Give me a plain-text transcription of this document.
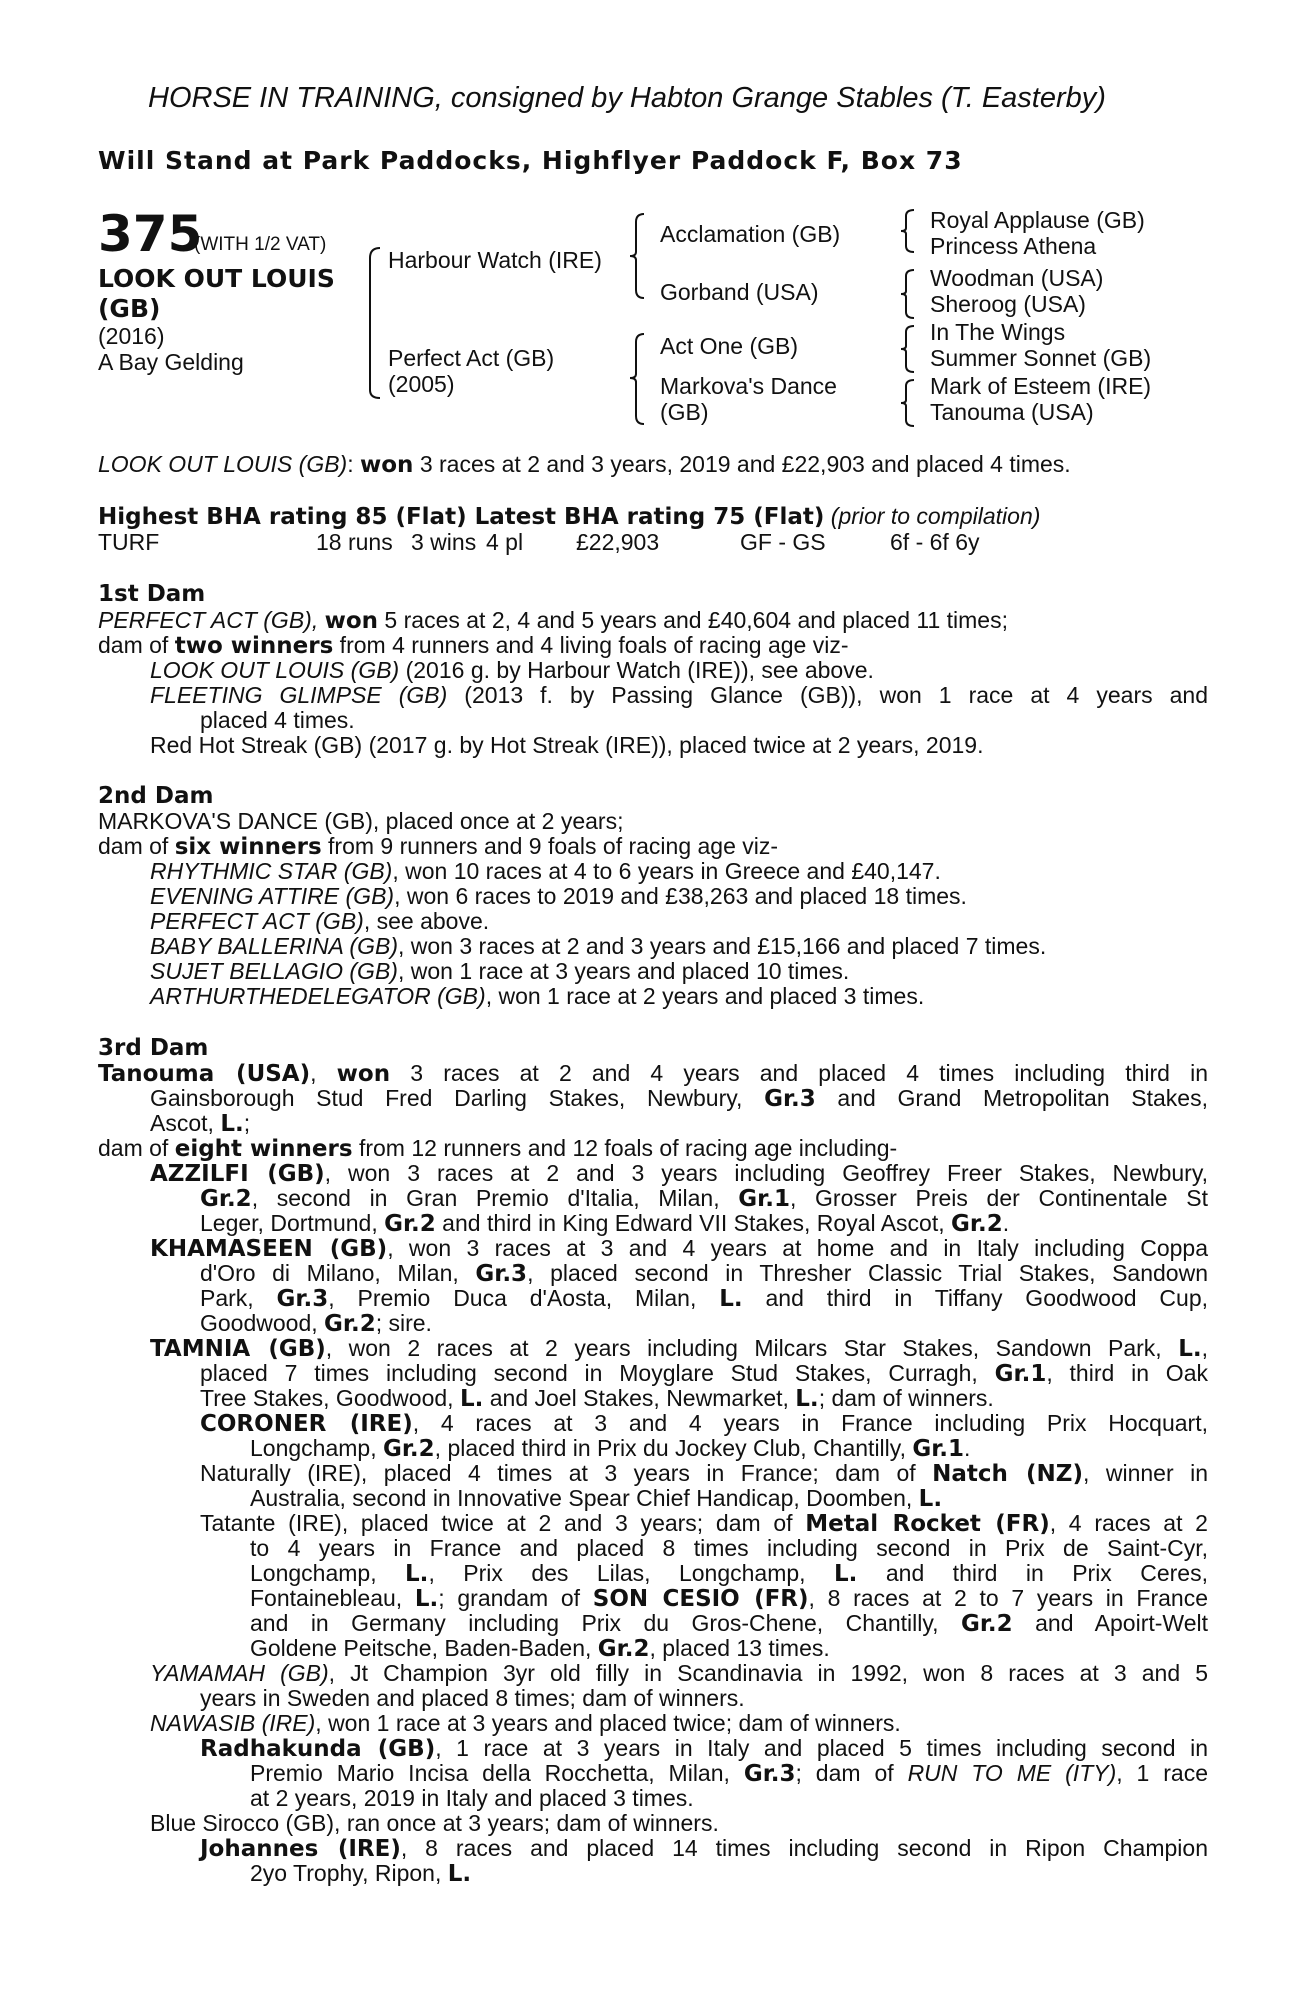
HORSE IN TRAINING, consigned by Habton Grange Stables (T. Easterby)
Will Stand at Park Paddocks, Highflyer Paddock F, Box 73
375
(WITH 1/2 VAT)
LOOK OUT LOUIS
(GB)
(2016)
A Bay Gelding
Harbour Watch (IRE)
Perfect Act (GB)
(2005)
Acclamation (GB)
Gorband (USA)
Act One (GB)
Markova's Dance
(GB)
Royal Applause (GB)
Princess Athena
Woodman (USA)
Sheroog (USA)
In The Wings
Summer Sonnet (GB)
Mark of Esteem (IRE)
Tanouma (USA)
LOOK OUT LOUIS (GB): won 3 races at 2 and 3 years, 2019 and £22,903 and placed 4 times.
Highest BHA rating 85 (Flat) Latest BHA rating 75 (Flat) (prior to compilation)
TURF	18 runs 3 wins 4 pl £22,903	GF - GS	6f - 6f 6y
1st Dam
PERFECT ACT (GB), won 5 races at 2, 4 and 5 years and £40,604 and placed 11 times;
dam of two winners from 4 runners and 4 living foals of racing age viz-
LOOK OUT LOUIS (GB) (2016 g. by Harbour Watch (IRE)), see above.
FLEETING GLIMPSE (GB) (2013 f. by Passing Glance (GB)), won 1 race at 4 years and
placed 4 times.
Red Hot Streak (GB) (2017 g. by Hot Streak (IRE)), placed twice at 2 years, 2019.
2nd Dam
MARKOVA'S DANCE (GB), placed once at 2 years;
dam of six winners from 9 runners and 9 foals of racing age viz-
RHYTHMIC STAR (GB), won 10 races at 4 to 6 years in Greece and £40,147.
EVENING ATTIRE (GB), won 6 races to 2019 and £38,263 and placed 18 times.
PERFECT ACT (GB), see above.
BABY BALLERINA (GB), won 3 races at 2 and 3 years and £15,166 and placed 7 times.
SUJET BELLAGIO (GB), won 1 race at 3 years and placed 10 times.
ARTHURTHEDELEGATOR (GB), won 1 race at 2 years and placed 3 times.
3rd Dam
Tanouma (USA), won 3 races at 2 and 4 years and placed 4 times including third in
Gainsborough Stud Fred Darling Stakes, Newbury, Gr.3 and Grand Metropolitan Stakes,
Ascot, L.;
dam of eight winners from 12 runners and 12 foals of racing age including-
AZZILFI (GB), won 3 races at 2 and 3 years including Geoffrey Freer Stakes, Newbury,
Gr.2, second in Gran Premio d'Italia, Milan, Gr.1, Grosser Preis der Continentale St
Leger, Dortmund, Gr.2 and third in King Edward VII Stakes, Royal Ascot, Gr.2.
KHAMASEEN (GB), won 3 races at 3 and 4 years at home and in Italy including Coppa
d'Oro di Milano, Milan, Gr.3, placed second in Thresher Classic Trial Stakes, Sandown
Park, Gr.3, Premio Duca d'Aosta, Milan, L. and third in Tiffany Goodwood Cup,
Goodwood, Gr.2; sire.
TAMNIA (GB), won 2 races at 2 years including Milcars Star Stakes, Sandown Park, L.,
placed 7 times including second in Moyglare Stud Stakes, Curragh, Gr.1, third in Oak
Tree Stakes, Goodwood, L. and Joel Stakes, Newmarket, L.; dam of winners.
CORONER (IRE), 4 races at 3 and 4 years in France including Prix Hocquart,
Longchamp, Gr.2, placed third in Prix du Jockey Club, Chantilly, Gr.1.
Naturally (IRE), placed 4 times at 3 years in France; dam of Natch (NZ), winner in
Australia, second in Innovative Spear Chief Handicap, Doomben, L.
Tatante (IRE), placed twice at 2 and 3 years; dam of Metal Rocket (FR), 4 races at 2
to 4 years in France and placed 8 times including second in Prix de Saint-Cyr,
Longchamp, L., Prix des Lilas, Longchamp, L. and third in Prix Ceres,
Fontainebleau, L.; grandam of SON CESIO (FR), 8 races at 2 to 7 years in France
and in Germany including Prix du Gros-Chene, Chantilly, Gr.2 and Apoirt-Welt
Goldene Peitsche, Baden-Baden, Gr.2, placed 13 times.
YAMAMAH (GB), Jt Champion 3yr old filly in Scandinavia in 1992, won 8 races at 3 and 5
years in Sweden and placed 8 times; dam of winners.
NAWASIB (IRE), won 1 race at 3 years and placed twice; dam of winners.
Radhakunda (GB), 1 race at 3 years in Italy and placed 5 times including second in
Premio Mario Incisa della Rocchetta, Milan, Gr.3; dam of RUN TO ME (ITY), 1 race
at 2 years, 2019 in Italy and placed 3 times.
Blue Sirocco (GB), ran once at 3 years; dam of winners.
Johannes (IRE), 8 races and placed 14 times including second in Ripon Champion
2yo Trophy, Ripon, L.
